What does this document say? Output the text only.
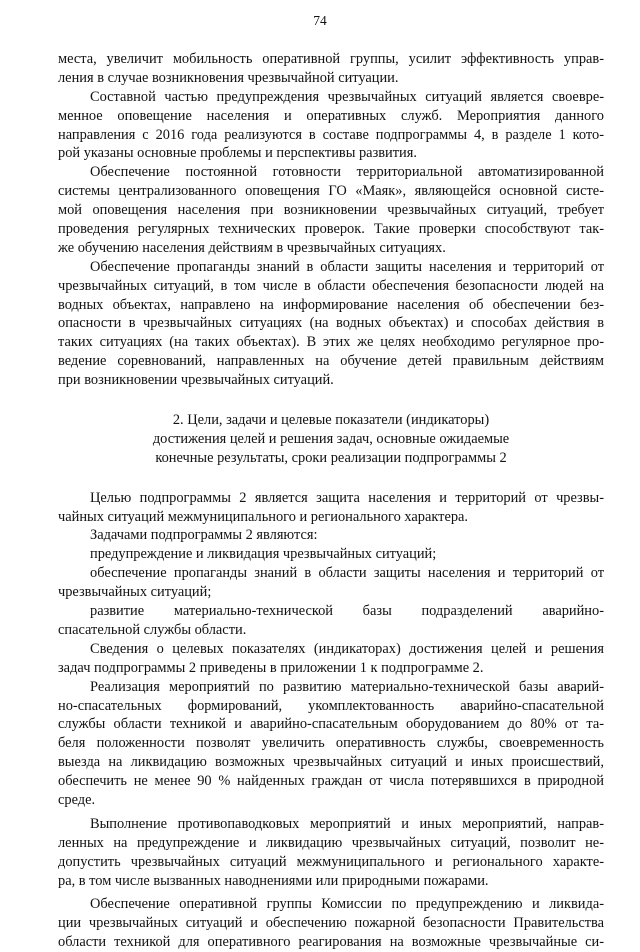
74
места, увеличит мобильность оперативной группы, усилит эффективность управ-
ления в случае возникновения чрезвычайной ситуации.
Составной частью предупреждения чрезвычайных ситуаций является своевре-
менное оповещение населения и оперативных служб. Мероприятия данного
направления с 2016 года реализуются в составе подпрограммы 4, в разделе 1 кото-
рой указаны основные проблемы и перспективы развития.
Обеспечение постоянной готовности территориальной автоматизированной
системы централизованного оповещения ГО «Маяк», являющейся основной систе-
мой оповещения населения при возникновении чрезвычайных ситуаций, требует
проведения регулярных технических проверок. Такие проверки способствуют так-
же обучению населения действиям в чрезвычайных ситуациях.
Обеспечение пропаганды знаний в области защиты населения и территорий от
чрезвычайных ситуаций, в том числе в области обеспечения безопасности людей на
водных объектах, направлено на информирование населения об обеспечении без-
опасности в чрезвычайных ситуациях (на водных объектах) и способах действия в
таких ситуациях (на таких объектах). В этих же целях необходимо регулярное про-
ведение соревнований, направленных на обучение детей правильным действиям
при возникновении чрезвычайных ситуаций.
2. Цели, задачи и целевые показатели (индикаторы)
достижения целей и решения задач, основные ожидаемые
конечные результаты, сроки реализации подпрограммы 2
Целью подпрограммы 2 является защита населения и территорий от чрезвы-
чайных ситуаций межмуниципального и регионального характера.
Задачами подпрограммы 2 являются:
предупреждение и ликвидация чрезвычайных ситуаций;
обеспечение пропаганды знаний в области защиты населения и территорий от
чрезвычайных ситуаций;
развитие материально-технической базы подразделений аварийно-
спасательной службы области.
Сведения о целевых показателях (индикаторах) достижения целей и решения
задач подпрограммы 2 приведены в приложении 1 к подпрограмме 2.
Реализация мероприятий по развитию материально-технической базы аварий-
но-спасательных формирований, укомплектованность аварийно-спасательной
службы области техникой и аварийно-спасательным оборудованием до 80% от та-
беля положенности позволят увеличить оперативность службы, своевременность
выезда на ликвидацию возможных чрезвычайных ситуаций и иных происшествий,
обеспечить не менее 90 % найденных граждан от числа потерявшихся в природной
среде.
Выполнение противопаводковых мероприятий и иных мероприятий, направ-
ленных на предупреждение и ликвидацию чрезвычайных ситуаций, позволит не-
допустить чрезвычайных ситуаций межмуниципального и регионального характе-
ра, в том числе вызванных наводнениями или природными пожарами.
Обеспечение оперативной группы Комиссии по предупреждению и ликвида-
ции чрезвычайных ситуаций и обеспечению пожарной безопасности Правительства
области техникой для оперативного реагирования на возможные чрезвычайные си-
